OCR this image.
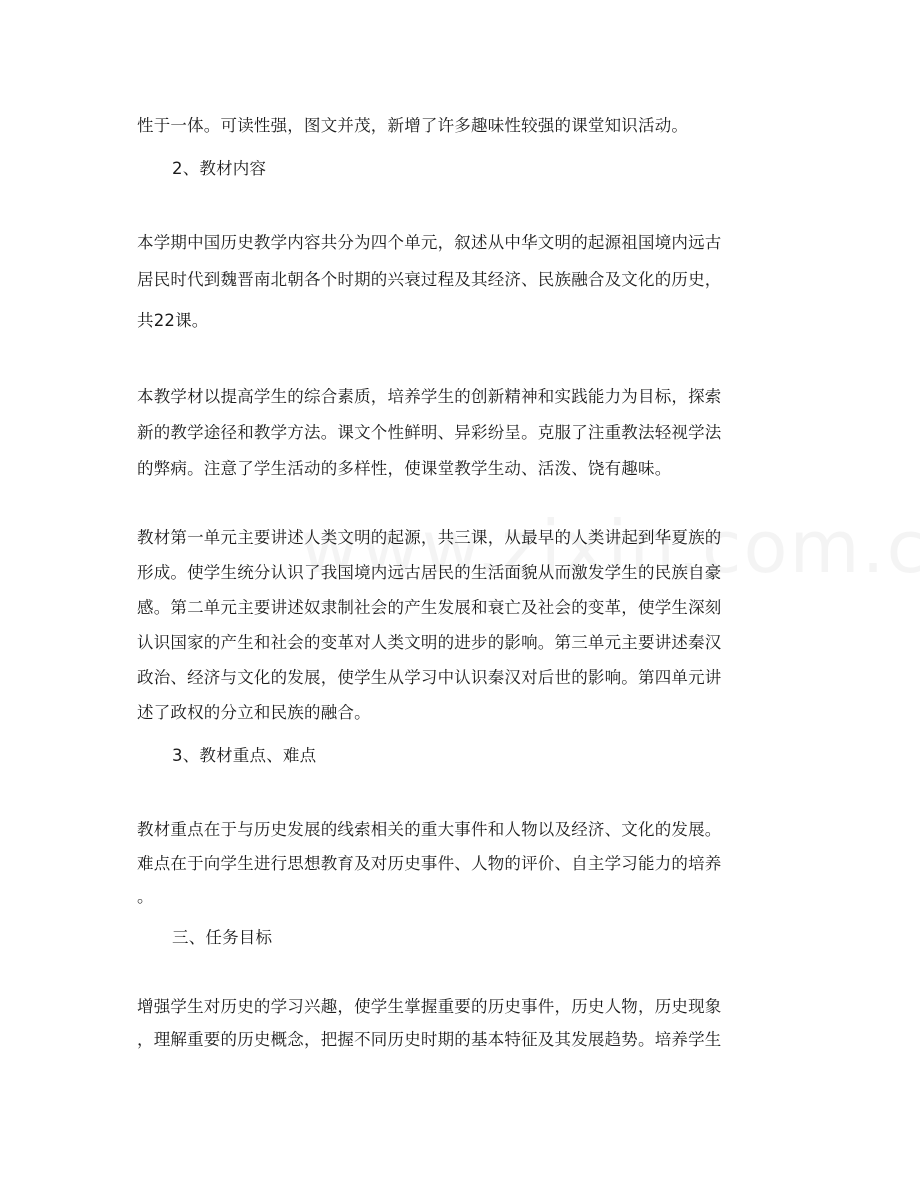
性于一体。可读性强，图文并茂，新增了许多趣味性较强的课堂知识活动。
2、教材内容
本学期中国历史教学内容共分为四个单元，叙述从中华文明的起源祖国境内远古
居民时代到魏晋南北朝各个时期的兴衰过程及其经济、民族融合及文化的历史，
共22课。
本教学材以提高学生的综合素质，培养学生的创新精神和实践能力为目标，探索
新的教学途径和教学方法。课文个性鲜明、异彩纷呈。克服了注重教法轻视学法
的弊病。注意了学生活动的多样性，使课堂教学生动、活泼、饶有趣味。
教材第一单元主要讲述人类文明的起源，共三课，从最早的人类讲起到华夏族的
形成。使学生统分认识了我国境内远古居民的生活面貌从而激发学生的民族自豪
感。第二单元主要讲述奴隶制社会的产生发展和衰亡及社会的变革，使学生深刻
认识国家的产生和社会的变革对人类文明的进步的影响。第三单元主要讲述秦汉
政治、经济与文化的发展，使学生从学习中认识秦汉对后世的影响。第四单元讲
述了政权的分立和民族的融合。
3、教材重点、难点
教材重点在于与历史发展的线索相关的重大事件和人物以及经济、文化的发展。
难点在于向学生进行思想教育及对历史事件、人物的评价、自主学习能力的培养
。
三、任务目标
增强学生对历史的学习兴趣，使学生掌握重要的历史事件，历史人物，历史现象
，理解重要的历史概念，把握不同历史时期的基本特征及其发展趋势。培养学生
